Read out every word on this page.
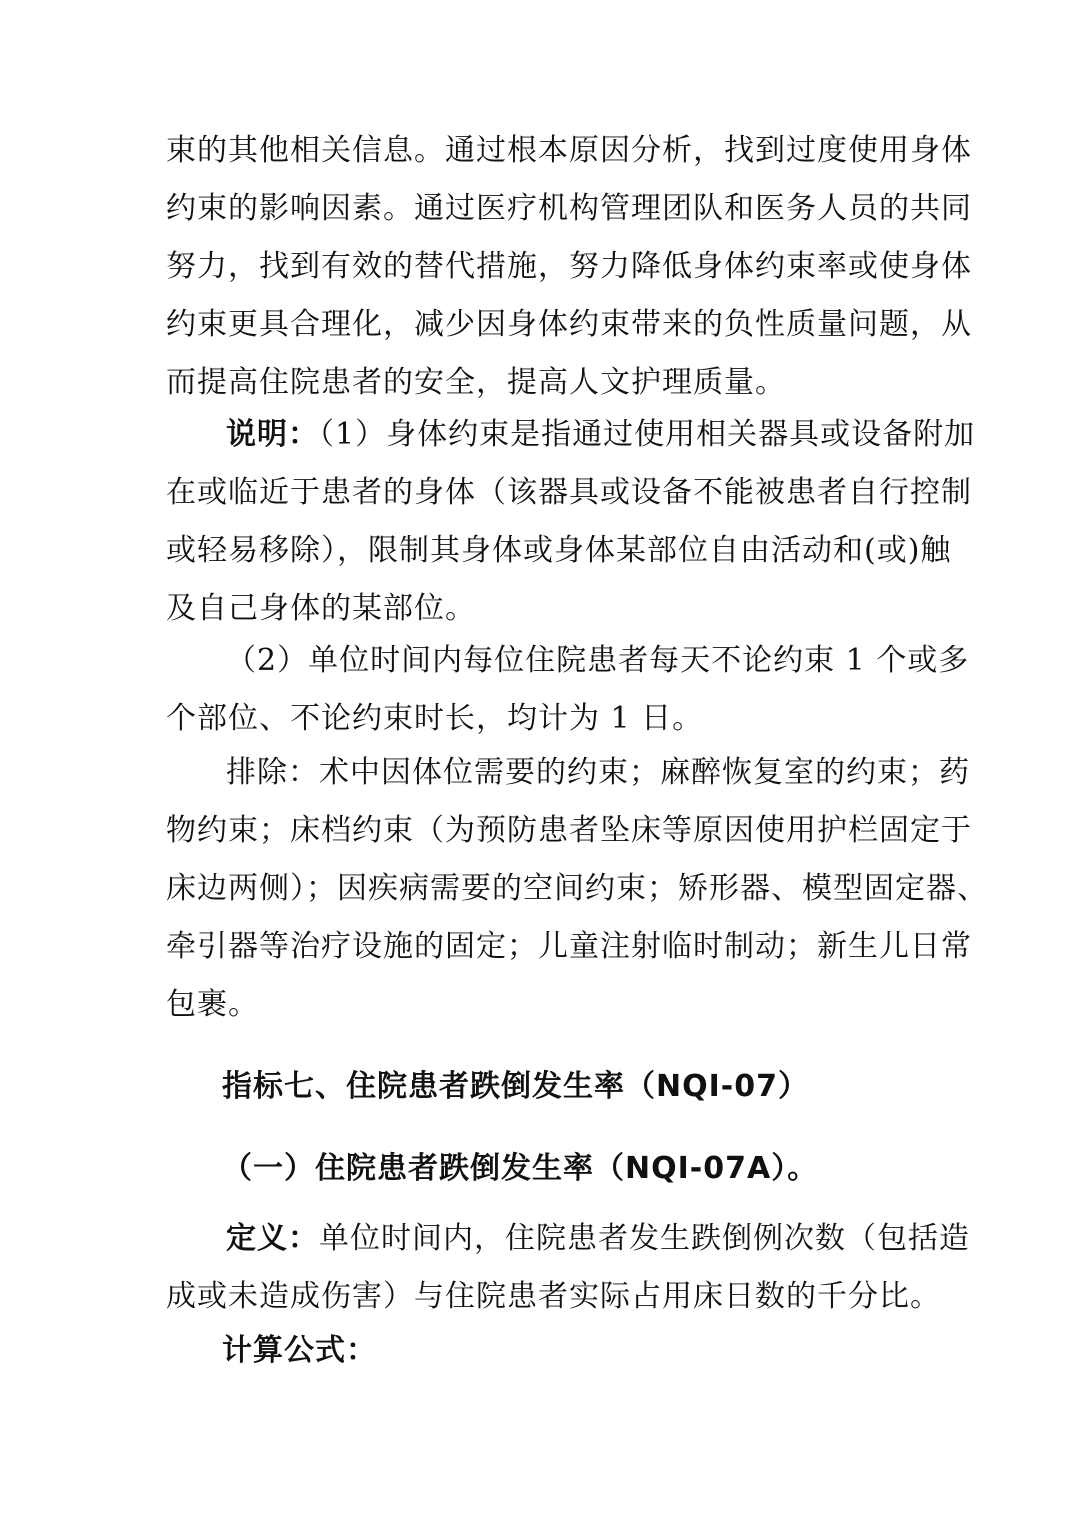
束的其他相关信息。通过根本原因分析，找到过度使用身体
约束的影响因素。通过医疗机构管理团队和医务人员的共同
努力，找到有效的替代措施，努力降低身体约束率或使身体
约束更具合理化，减少因身体约束带来的负性质量问题，从
而提高住院患者的安全，提高人文护理质量。
说明：（1）身体约束是指通过使用相关器具或设备附加
在或临近于患者的身体（该器具或设备不能被患者自行控制
或轻易移除），限制其身体或身体某部位自由活动和(或)触
及自己身体的某部位。
（2）单位时间内每位住院患者每天不论约束 1 个或多
个部位、不论约束时长，均计为 1 日。
排除：术中因体位需要的约束；麻醉恢复室的约束；药
物约束；床档约束（为预防患者坠床等原因使用护栏固定于
床边两侧）；因疾病需要的空间约束；矫形器、模型固定器、
牵引器等治疗设施的固定；儿童注射临时制动；新生儿日常
包裹。
指标七、住院患者跌倒发生率（NQI-07）
（一）住院患者跌倒发生率（NQI-07A）。
定义：单位时间内，住院患者发生跌倒例次数（包括造
成或未造成伤害）与住院患者实际占用床日数的千分比。
计算公式：
